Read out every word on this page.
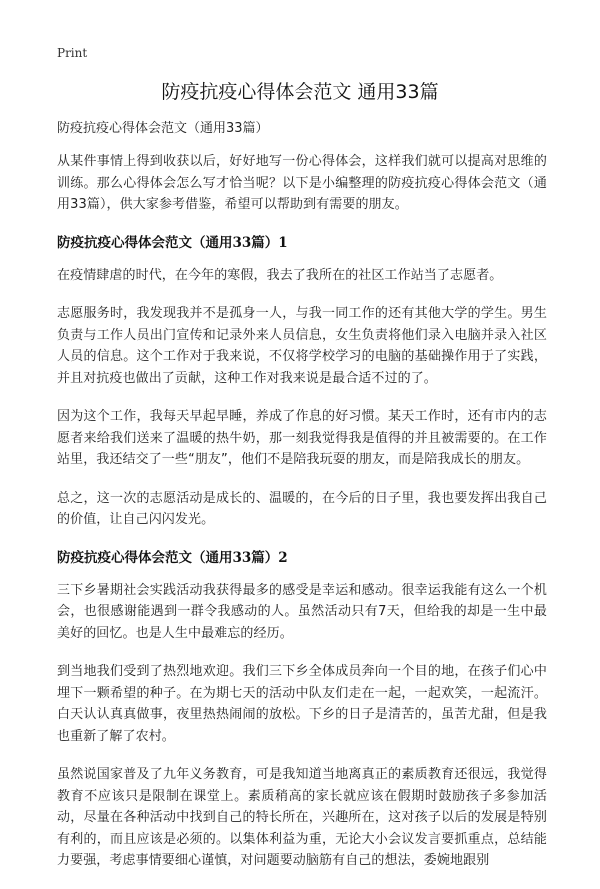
Print
防疫抗疫心得体会范文 通用33篇
防疫抗疫心得体会范文（通用33篇）

从某件事情上得到收获以后，好好地写一份心得体会，这样我们就可以提高对思维的训练。那么心得体会怎么写才恰当呢？以下是小编整理的防疫抗疫心得体会范文（通用33篇），供大家参考借鉴，希望可以帮助到有需要的朋友。

防疫抗疫心得体会范文（通用33篇）1

在疫情肆虐的时代，在今年的寒假，我去了我所在的社区工作站当了志愿者。

志愿服务时，我发现我并不是孤身一人，与我一同工作的还有其他大学的学生。男生负责与工作人员出门宣传和记录外来人员信息，女生负责将他们录入电脑并录入社区人员的信息。这个工作对于我来说，不仅将学校学习的电脑的基础操作用于了实践，并且对抗疫也做出了贡献，这种工作对我来说是最合适不过的了。

因为这个工作，我每天早起早睡，养成了作息的好习惯。某天工作时，还有市内的志愿者来给我们送来了温暖的热牛奶，那一刻我觉得我是值得的并且被需要的。在工作站里，我还结交了一些“朋友”，他们不是陪我玩耍的朋友，而是陪我成长的朋友。

总之，这一次的志愿活动是成长的、温暖的，在今后的日子里，我也要发挥出我自己的价值，让自己闪闪发光。

防疫抗疫心得体会范文（通用33篇）2

三下乡暑期社会实践活动我获得最多的感受是幸运和感动。很幸运我能有这么一个机会，也很感谢能遇到一群令我感动的人。虽然活动只有7天，但给我的却是一生中最美好的回忆。也是人生中最难忘的经历。

到当地我们受到了热烈地欢迎。我们三下乡全体成员奔向一个目的地，在孩子们心中埋下一颗希望的种子。在为期七天的活动中队友们走在一起，一起欢笑，一起流汗。白天认认真真做事，夜里热热闹闹的放松。下乡的日子是清苦的，虽苦尤甜，但是我也重新了解了农村。

虽然说国家普及了九年义务教育，可是我知道当地离真正的素质教育还很远，我觉得教育不应该只是限制在课堂上。素质稍高的家长就应该在假期时鼓励孩子多参加活动，尽量在各种活动中找到自己的特长所在，兴趣所在，这对孩子以后的发展是特别有利的，而且应该是必须的。以集体利益为重，无论大小会议发言要抓重点，总结能力要强，考虑事情要细心谨慎，对问题要动脑筋有自己的想法，委婉地跟别
